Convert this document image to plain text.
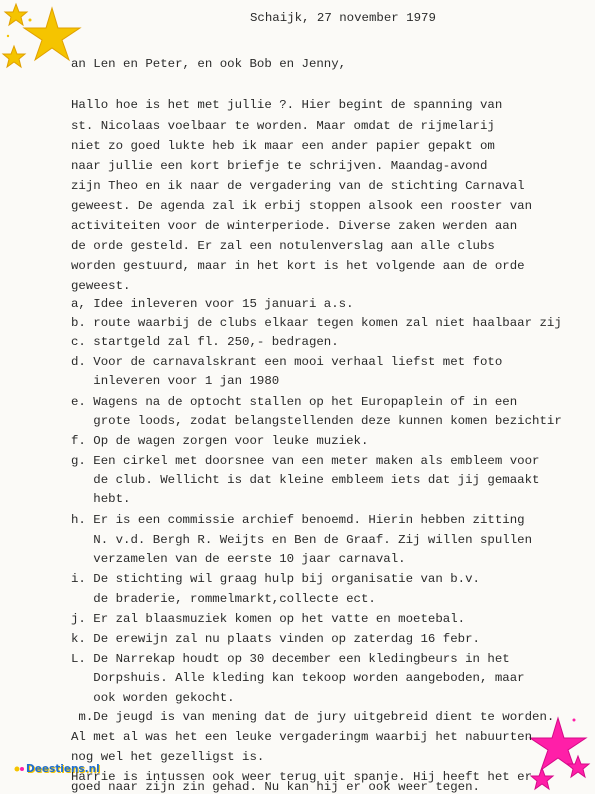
Deestiens.nl
Schaijk, 27 november 1979
an Len en Peter, en ook Bob en Jenny,
Hallo hoe is het met jullie ?. Hier begint de spanning van
st. Nicolaas voelbaar te worden. Maar omdat de rijmelarij
niet zo goed lukte heb ik maar een ander papier gepakt om
naar jullie een kort briefje te schrijven. Maandag-avond
zijn Theo en ik naar de vergadering van de stichting Carnaval
geweest. De agenda zal ik erbij stoppen alsook een rooster van
activiteiten voor de winterperiode. Diverse zaken werden aan
de orde gesteld. Er zal een notulenverslag aan alle clubs
worden gestuurd, maar in het kort is het volgende aan de orde
geweest.
a, Idee inleveren voor 15 januari a.s.
b. route waarbij de clubs elkaar tegen komen zal niet haalbaar zij
c. startgeld zal fl. 250,- bedragen.
d. Voor de carnavalskrant een mooi verhaal liefst met foto
inleveren voor 1 jan 1980
e. Wagens na de optocht stallen op het Europaplein of in een
grote loods, zodat belangstellenden deze kunnen komen bezichtir
f. Op de wagen zorgen voor leuke muziek.
g. Een cirkel met doorsnee van een meter maken als embleem voor
de club. Wellicht is dat kleine embleem iets dat jij gemaakt
hebt.
h. Er is een commissie archief benoemd. Hierin hebben zitting
N. v.d. Bergh R. Weijts en Ben de Graaf. Zij willen spullen
verzamelen van de eerste 10 jaar carnaval.
i. De stichting wil graag hulp bij organisatie van b.v.
de braderie, rommelmarkt,collecte ect.
j. Er zal blaasmuziek komen op het vatte en moetebal.
k. De erewijn zal nu plaats vinden op zaterdag 16 febr.
L. De Narrekap houdt op 30 december een kledingbeurs in het
Dorpshuis. Alle kleding kan tekoop worden aangeboden, maar
ook worden gekocht.
m.De jeugd is van mening dat de jury uitgebreid dient te worden.
Al met al was het een leuke vergaderingm waarbij het nabuurten
nog wel het gezelligst is.
Harrie is intussen ook weer terug uit spanje. Hij heeft het er
goed naar zijn zin gehad. Nu kan hij er ook weer tegen.
